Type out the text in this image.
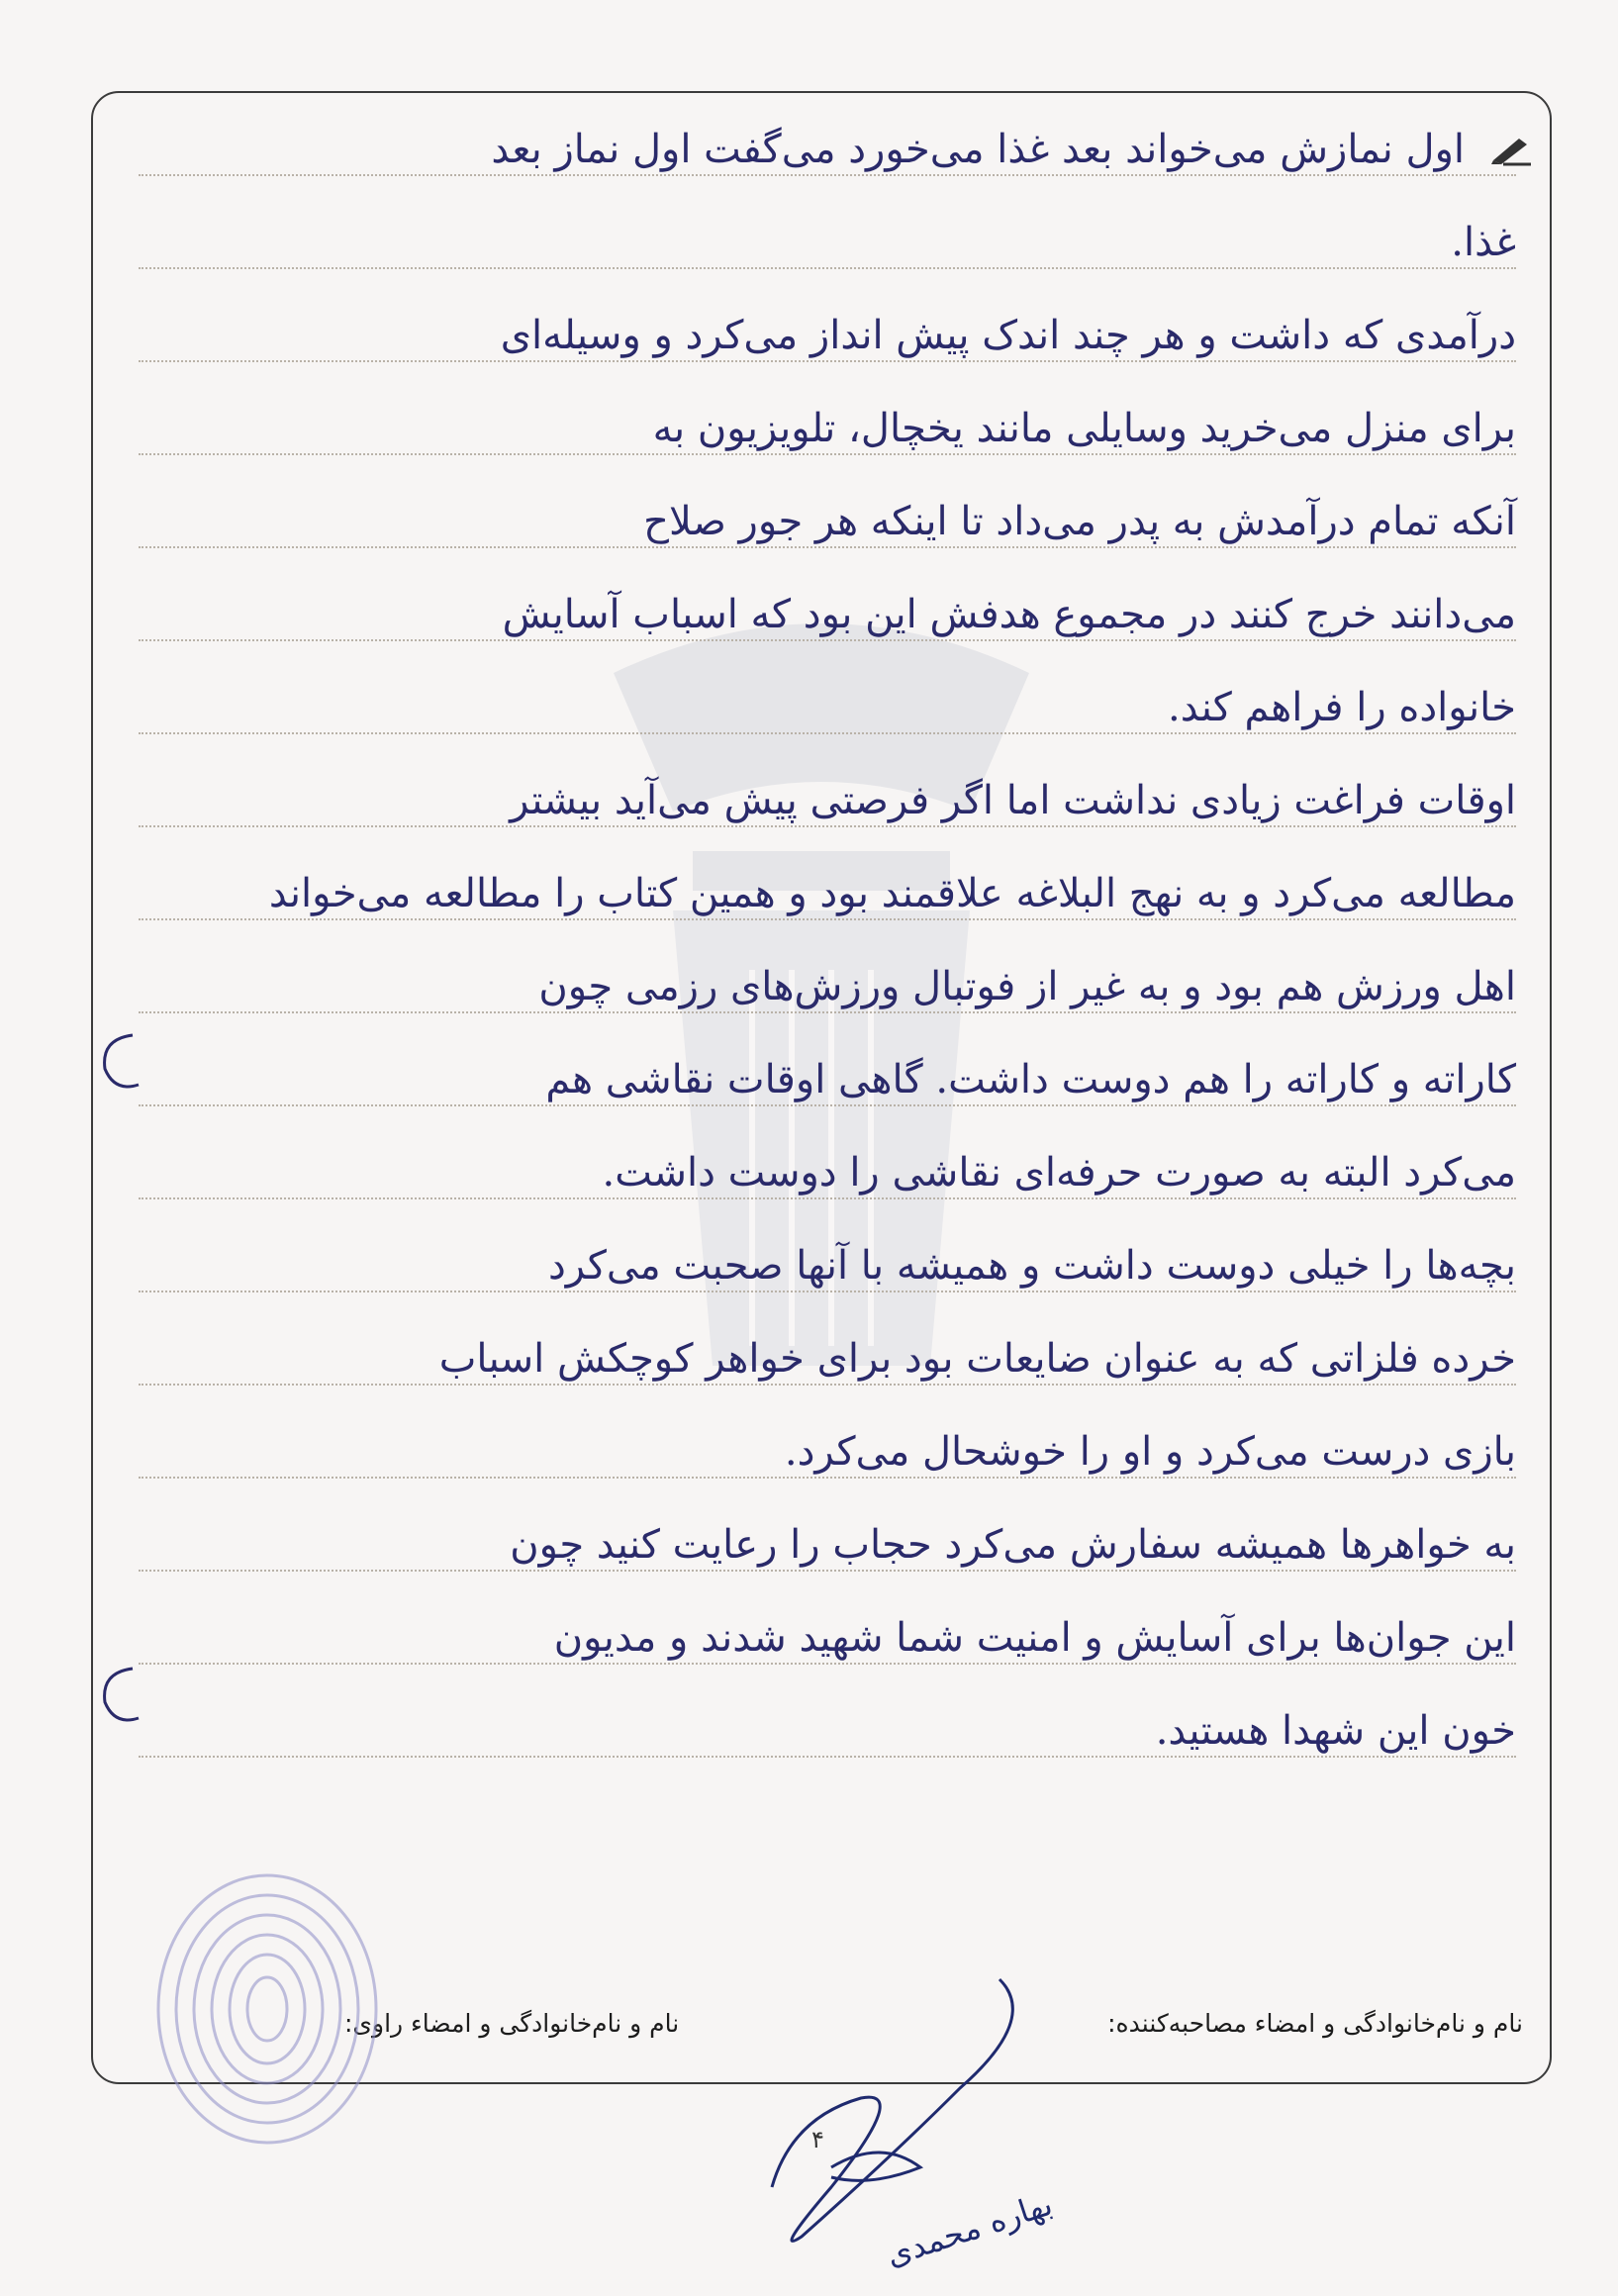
اول نمازش می‌خواند بعد غذا می‌خورد می‌گفت اول نماز بعد
غذا.
درآمدی که داشت و هر چند اندک پیش انداز می‌کرد و وسیله‌ای
برای منزل می‌خرید وسایلی مانند یخچال، تلویزیون به
آنکه تمام درآمدش به پدر می‌داد تا اینکه هر جور صلاح
می‌دانند خرج کنند در مجموع هدفش این بود که اسباب آسایش
خانواده را فراهم کند.
اوقات فراغت زیادی نداشت اما اگر فرصتی پیش می‌آید بیشتر
مطالعه می‌کرد و به نهج البلاغه علاقمند بود و همین کتاب را مطالعه می‌خواند
اهل ورزش هم بود و به غیر از فوتبال ورزش‌های رزمی چون
کاراته و کاراته را هم دوست داشت. گاهی اوقات نقاشی هم
می‌کرد البته به صورت حرفه‌ای نقاشی را دوست داشت.
بچه‌ها را خیلی دوست داشت و همیشه با آنها صحبت می‌کرد
خرده فلزاتی که به عنوان ضایعات بود برای خواهر کوچکش اسباب
بازی درست می‌کرد و او را خوشحال می‌کرد.
به خواهرها همیشه سفارش می‌کرد حجاب را رعایت کنید چون
این جوان‌ها برای آسایش و امنیت شما شهید شدند و مدیون
خون این شهدا هستید.
نام و نام‌خانوادگی و امضاء مصاحبه‌کننده:
نام و نام‌خانوادگی و امضاء راوی:
بهاره محمدی
۴
